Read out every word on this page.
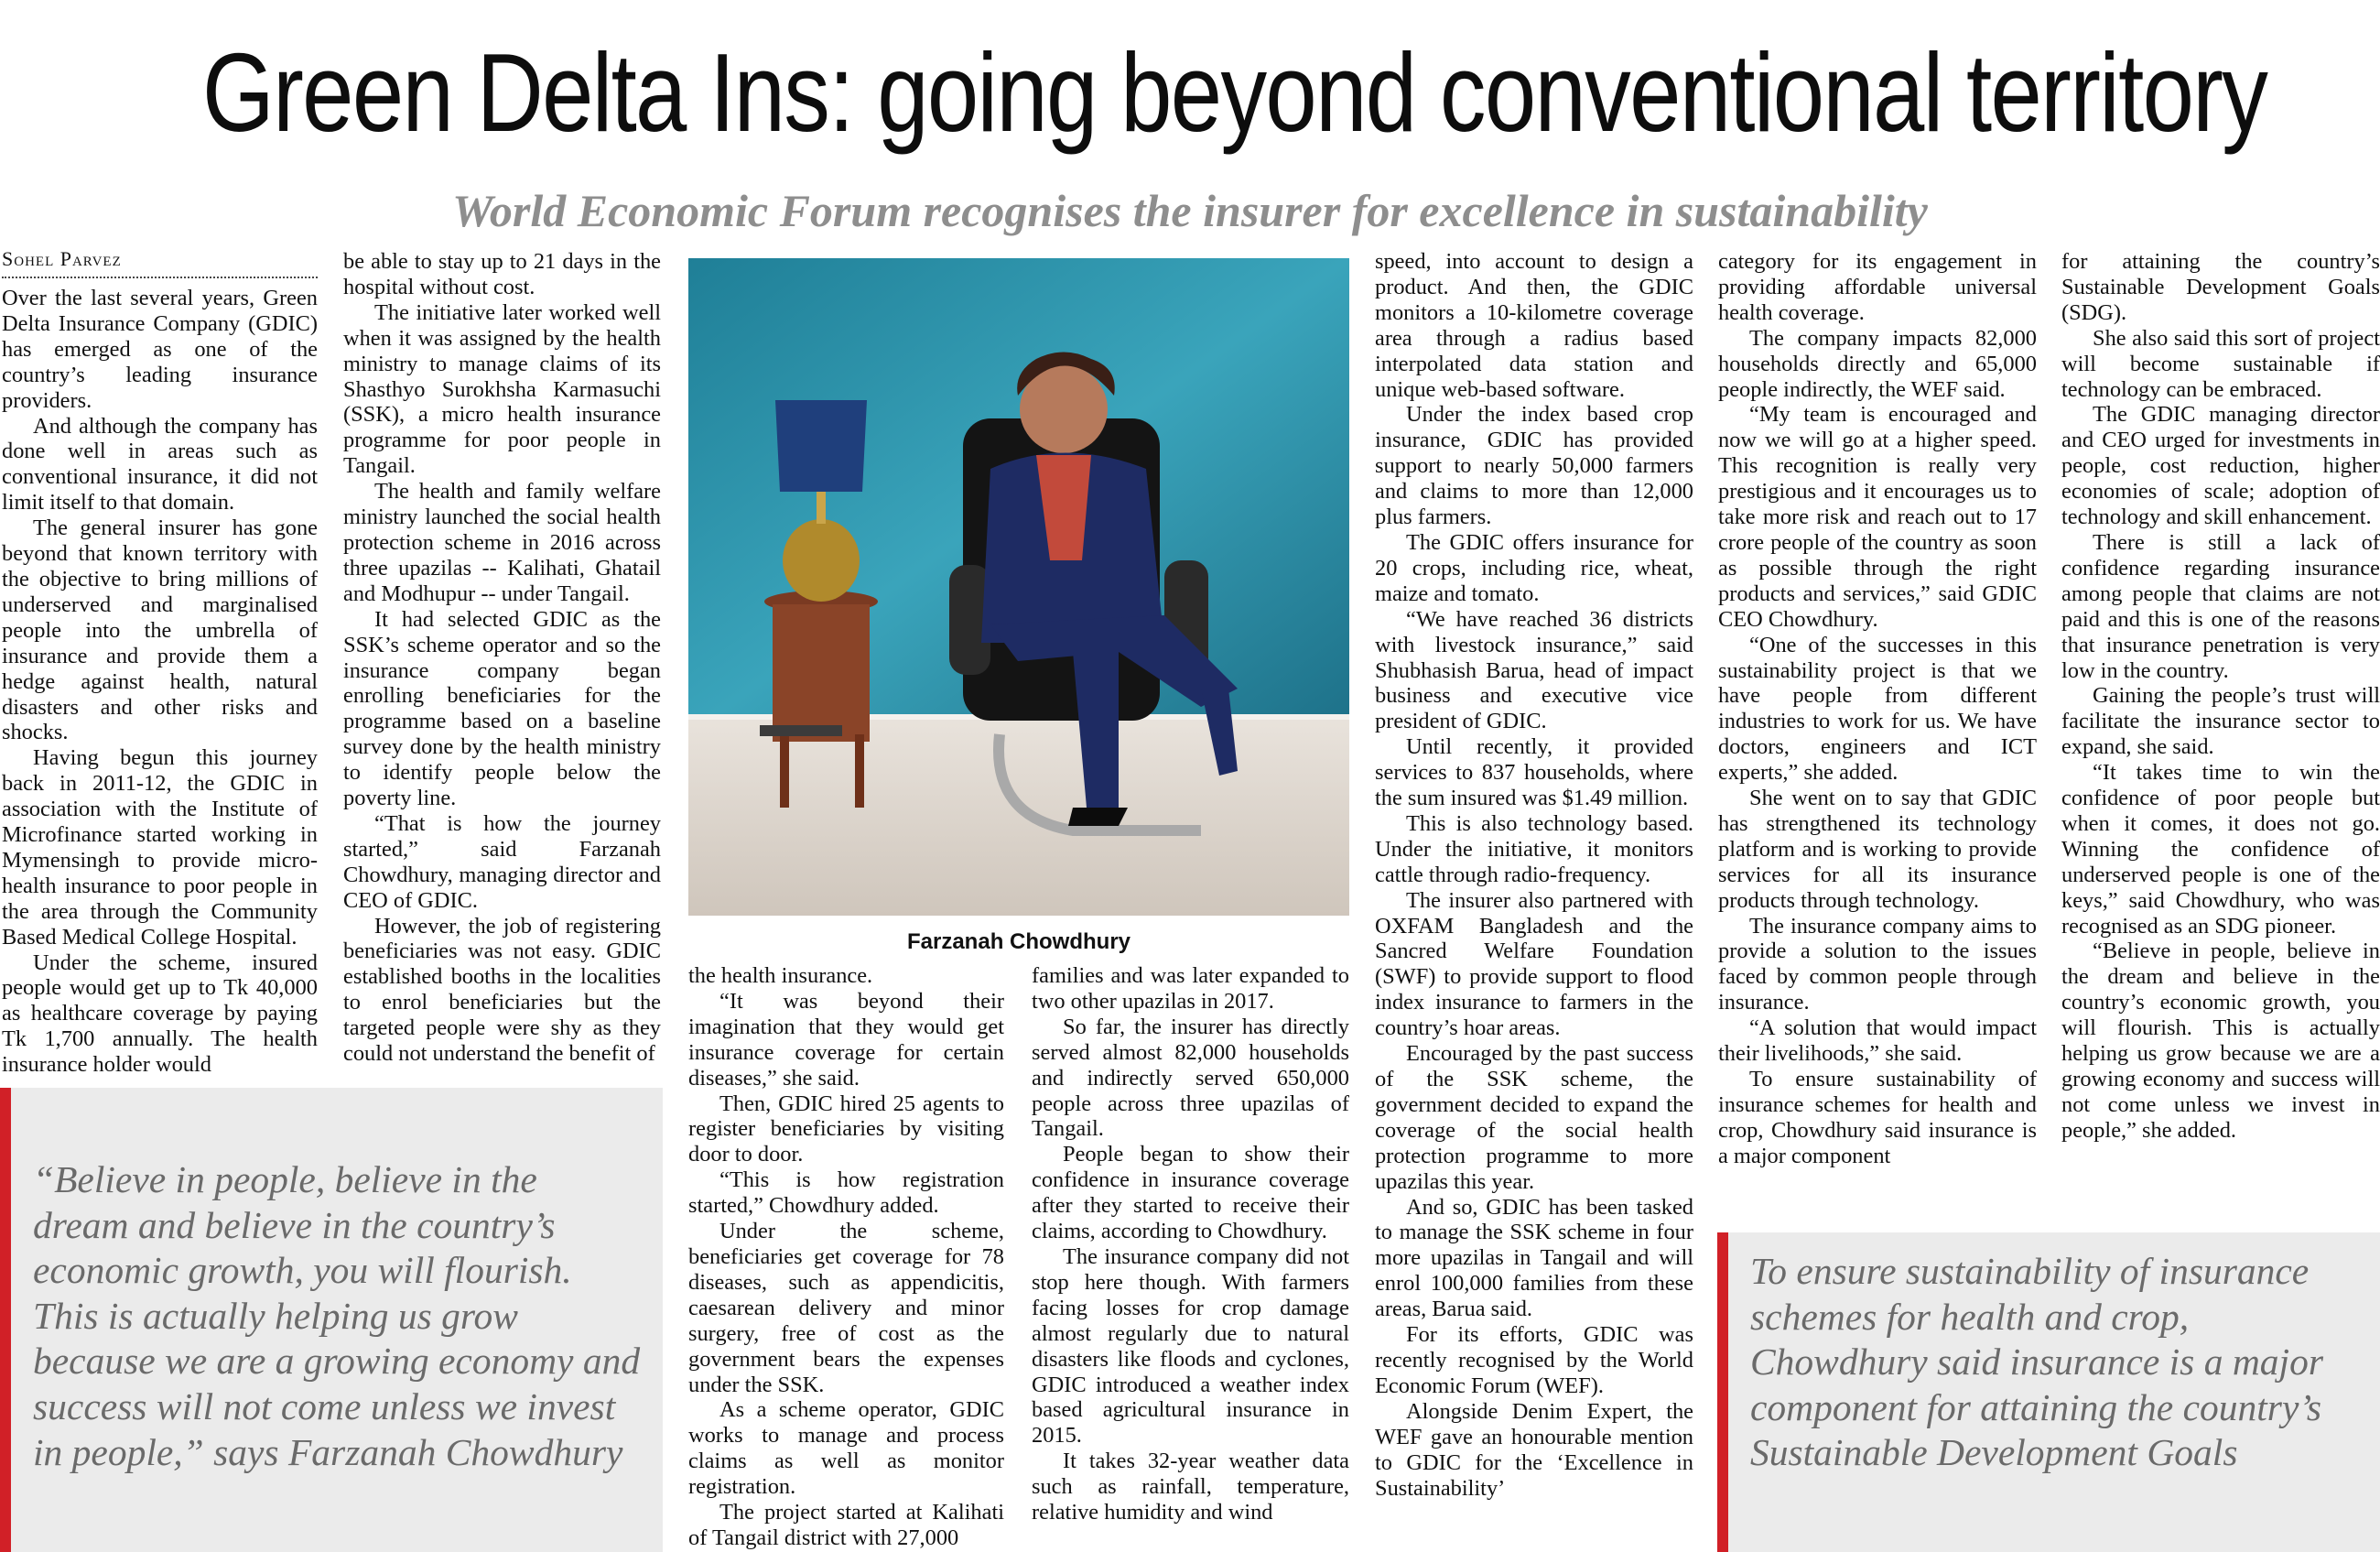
Green Delta Ins: going beyond conventional territory
World Economic Forum recognises the insurer for excellence in sustainability
Sohel Parvez

Over the last several years, Green Delta Insurance Company (GDIC) has emerged as one of the country’s leading insurance providers.

And although the company has done well in areas such as conventional insurance, it did not limit itself to that domain.

The general insurer has gone beyond that known territory with the objective to bring millions of underserved and marginalised people into the umbrella of insurance and provide them a hedge against health, natural disasters and other risks and shocks.

Having begun this journey back in 2011-12, the GDIC in association with the Institute of Microfinance started working in Mymensingh to provide micro-health insurance to poor people in the area through the Community Based Medical College Hospital.

Under the scheme, insured people would get up to Tk 40,000 as healthcare coverage by paying Tk 1,700 annually. The health insurance holder would

be able to stay up to 21 days in the hospital without cost.

The initiative later worked well when it was assigned by the health ministry to manage claims of its Shasthyo Surokhsha Karmasuchi (SSK), a micro health insurance programme for poor people in Tangail.

The health and family welfare ministry launched the social health protection scheme in 2016 across three upazilas -- Kalihati, Ghatail and Modhupur -- under Tangail.

It had selected GDIC as the SSK’s scheme operator and so the insurance company began enrolling beneficiaries for the programme based on a baseline survey done by the health ministry to identify people below the poverty line.

“That is how the journey started,” said Farzanah Chowdhury, managing director and CEO of GDIC.

However, the job of registering beneficiaries was not easy. GDIC established booths in the localities to enrol beneficiaries but the targeted people were shy as they could not understand the benefit of

the health insurance.

“It was beyond their imagination that they would get insurance coverage for certain diseases,” she said.

Then, GDIC hired 25 agents to register beneficiaries by visiting door to door.

“This is how registration started,” Chowdhury added.

Under the scheme, beneficiaries get coverage for 78 diseases, such as appendicitis, caesarean delivery and minor surgery, free of cost as the government bears the expenses under the SSK.

As a scheme operator, GDIC works to manage and process claims as well as monitor registration.

The project started at Kalihati of Tangail district with 27,000

families and was later expanded to two other upazilas in 2017.

So far, the insurer has directly served almost 82,000 households and indirectly served 650,000 people across three upazilas of Tangail.

People began to show their confidence in insurance coverage after they started to receive their claims, according to Chowdhury.

The insurance company did not stop here though. With farmers facing losses for crop damage almost regularly due to natural disasters like floods and cyclones, GDIC introduced a weather index based agricultural insurance in 2015.

It takes 32-year weather data such as rainfall, temperature, relative humidity and wind

speed, into account to design a product. And then, the GDIC monitors a 10-kilometre coverage area through a radius based interpolated data station and unique web-based software.

Under the index based crop insurance, GDIC has provided support to nearly 50,000 farmers and claims to more than 12,000 plus farmers.

The GDIC offers insurance for 20 crops, including rice, wheat, maize and tomato.

“We have reached 36 districts with livestock insurance,” said Shubhasish Barua, head of impact business and executive vice president of GDIC.

Until recently, it provided services to 837 households, where the sum insured was $1.49 million.

This is also technology based. Under the initiative, it monitors cattle through radio-frequency.

The insurer also partnered with OXFAM Bangladesh and the Sancred Welfare Foundation (SWF) to provide support to flood index insurance to farmers in the country’s hoar areas.

Encouraged by the past success of the SSK scheme, the government decided to expand the coverage of the social health protection programme to more upazilas this year.

And so, GDIC has been tasked to manage the SSK scheme in four more upazilas in Tangail and will enrol 100,000 families from these areas, Barua said.

For its efforts, GDIC was recently recognised by the World Economic Forum (WEF).

Alongside Denim Expert, the WEF gave an honourable mention to GDIC for the ‘Excellence in Sustainability’

category for its engagement in providing affordable universal health coverage.

The company impacts 82,000 households directly and 65,000 people indirectly, the WEF said.

“My team is encouraged and now we will go at a higher speed. This recognition is really very prestigious and it encourages us to take more risk and reach out to 17 crore people of the country as soon as possible through the right products and services,” said GDIC CEO Chowdhury.

“One of the successes in this sustainability project is that we have people from different industries to work for us. We have doctors, engineers and ICT experts,” she added.

She went on to say that GDIC has strengthened its technology platform and is working to provide services for all its insurance products through technology.

The insurance company aims to provide a solution to the issues faced by common people through insurance.

“A solution that would impact their livelihoods,” she said.

To ensure sustainability of insurance schemes for health and crop, Chowdhury said insurance is a major component

for attaining the country’s Sustainable Development Goals (SDG).

She also said this sort of project will become sustainable if technology can be embraced.

The GDIC managing director and CEO urged for investments in people, cost reduction, higher economies of scale; adoption of technology and skill enhancement.

There is still a lack of confidence regarding insurance among people that claims are not paid and this is one of the reasons that insurance penetration is very low in the country.

Gaining the people’s trust will facilitate the insurance sector to expand, she said.

“It takes time to win the confidence of poor people but when it comes, it does not go. Winning the confidence of underserved people is one of the keys,” said Chowdhury, who was recognised as an SDG pioneer.

“Believe in people, believe in the dream and believe in the country’s economic growth, you will flourish. This is actually helping us grow because we are a growing economy and success will not come unless we invest in people,” she added.

Farzanah Chowdhury
“Believe in people, believe in the dream and believe in the country’s economic growth, you will flourish. This is actually helping us grow because we are a growing economy and success will not come unless we invest in people,” says Farzanah Chowdhury
To ensure sustainability of insurance schemes for health and crop, Chowdhury said insurance is a major component for attaining the country’s Sustainable Development Goals
